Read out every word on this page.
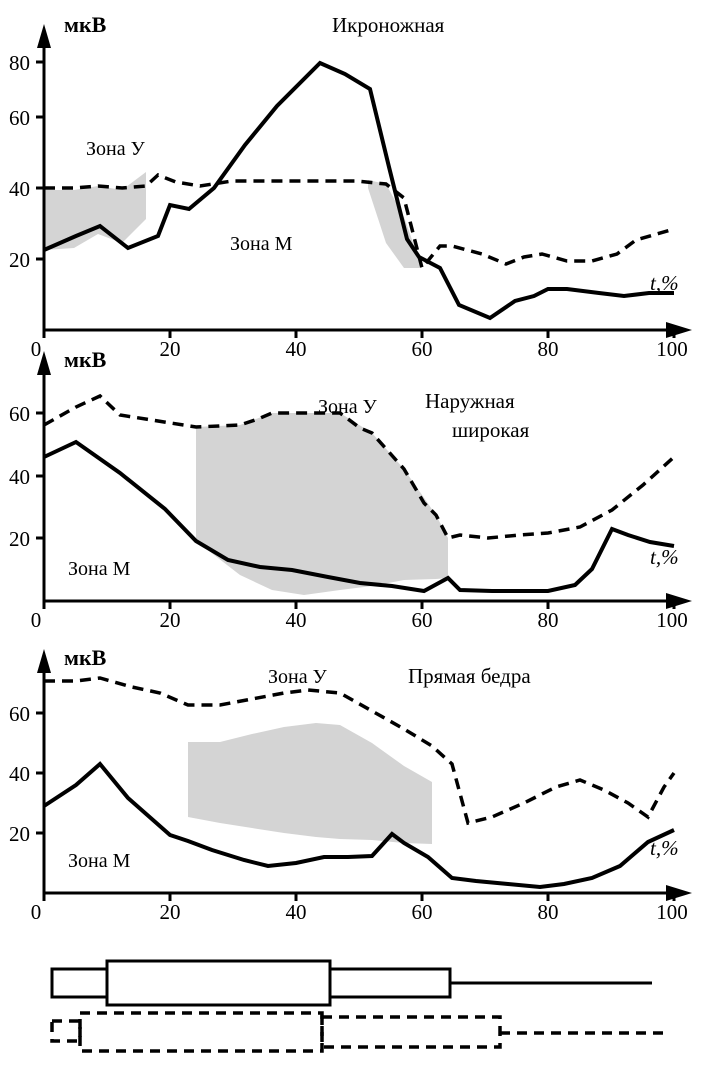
мкВ	Икроножная
Зона У
Зона М
t,%
0	20	40	60	80	100
20
40
60
80
мкВ
Наружная
широкая
Зона У
Зона М	t,%
0	20	40	60	80	100
20
40
60
мкВ
Прямая бедра
Зона У
Зона М
t,%
0	20	40	60	80	100
20
40
60
